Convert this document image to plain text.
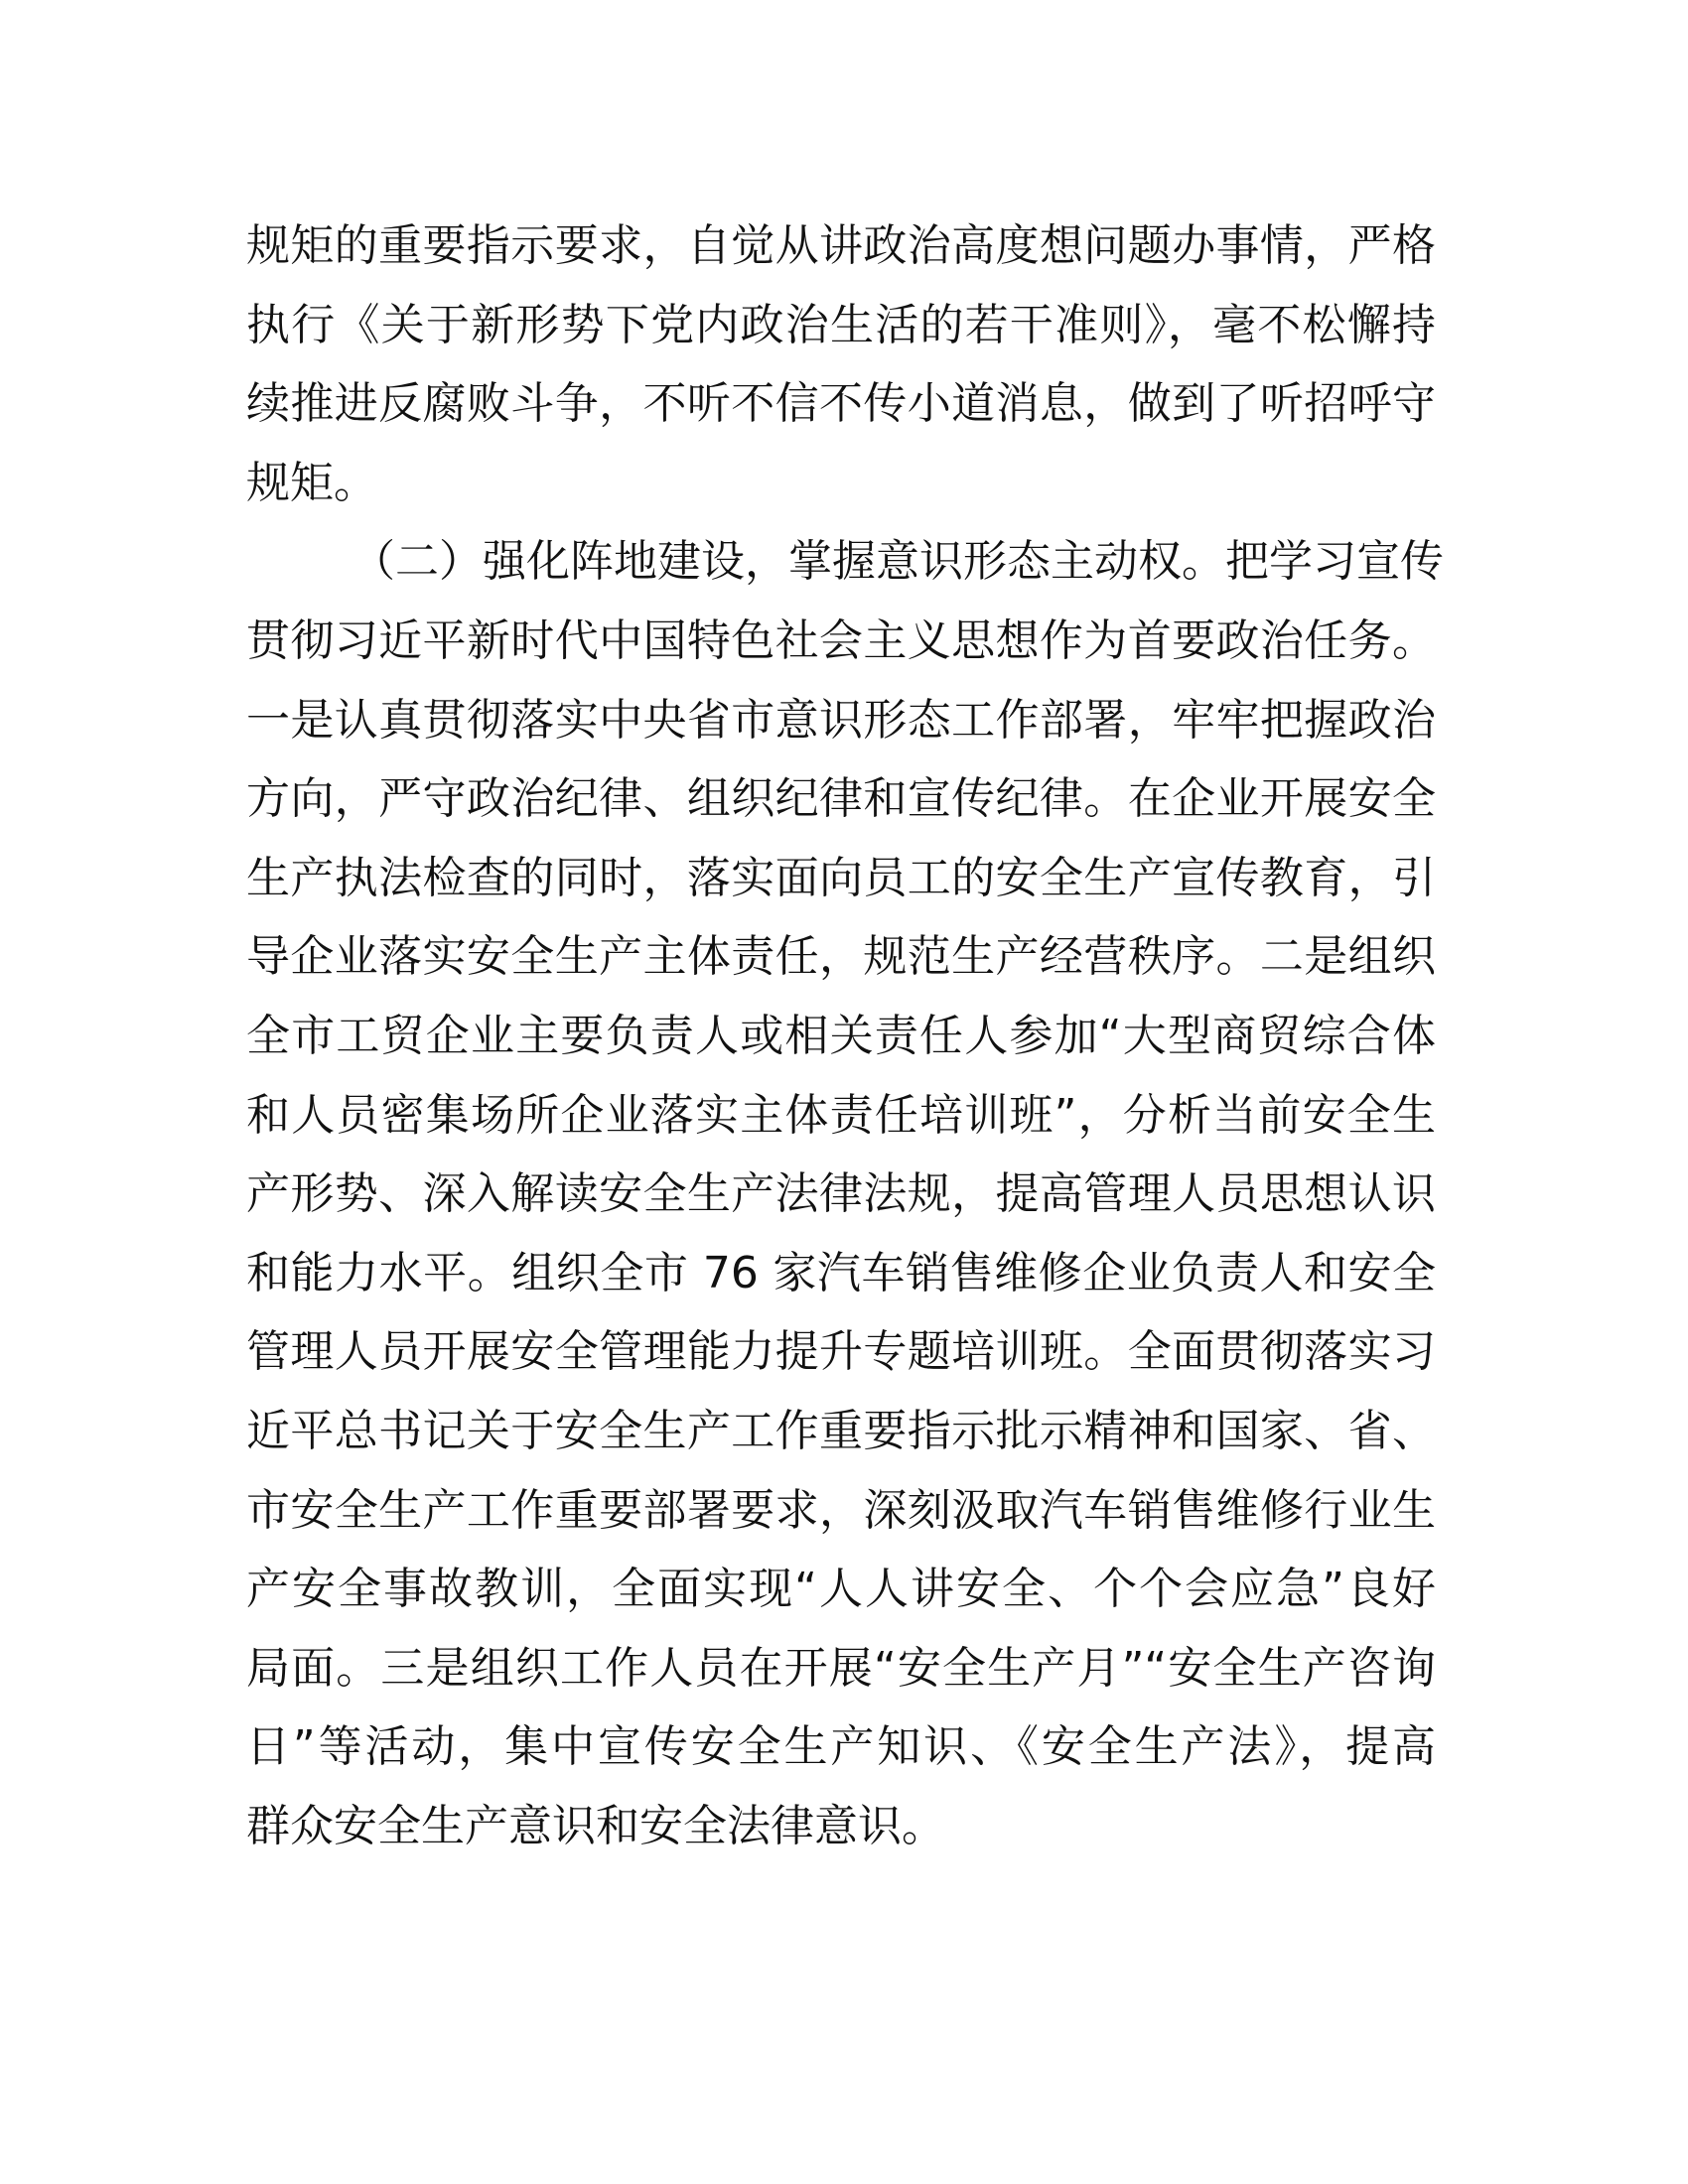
规矩的重要指示要求，自觉从讲政治高度想问题办事情，严格
执行《关于新形势下党内政治生活的若干准则》，毫不松懈持
续推进反腐败斗争，不听不信不传小道消息，做到了听招呼守
规矩。
（二）强化阵地建设，掌握意识形态主动权。把学习宣传
贯彻习近平新时代中国特色社会主义思想作为首要政治任务。
一是认真贯彻落实中央省市意识形态工作部署，牢牢把握政治
方向，严守政治纪律、组织纪律和宣传纪律。在企业开展安全
生产执法检查的同时，落实面向员工的安全生产宣传教育，引
导企业落实安全生产主体责任，规范生产经营秩序。二是组织
全市工贸企业主要负责人或相关责任人参加“大型商贸综合体
和人员密集场所企业落实主体责任培训班”，分析当前安全生
产形势、深入解读安全生产法律法规，提高管理人员思想认识
和能力水平。组织全市 76 家汽车销售维修企业负责人和安全
管理人员开展安全管理能力提升专题培训班。全面贯彻落实习
近平总书记关于安全生产工作重要指示批示精神和国家、省、
市安全生产工作重要部署要求，深刻汲取汽车销售维修行业生
产安全事故教训，全面实现“人人讲安全、个个会应急”良好
局面。三是组织工作人员在开展“安全生产月”“安全生产咨询
日”等活动，集中宣传安全生产知识、《安全生产法》，提高
群众安全生产意识和安全法律意识。
